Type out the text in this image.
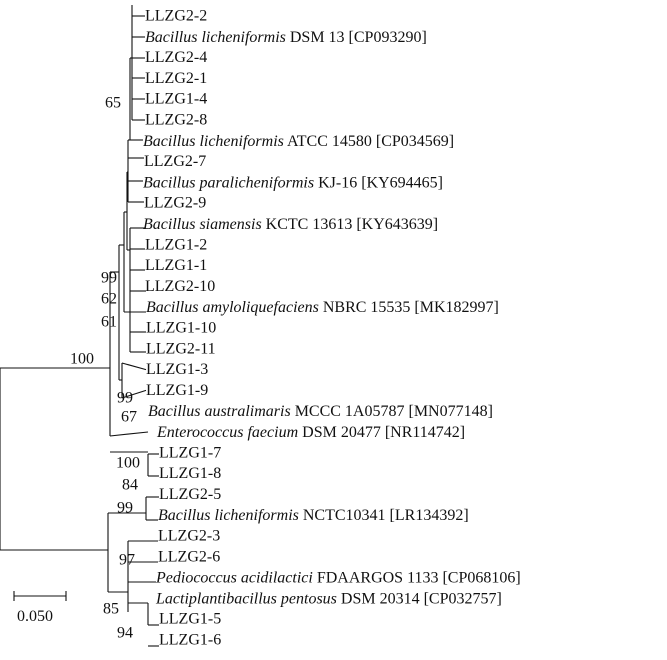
LLZG2-2
Bacillus licheniformis DSM 13 [CP093290]
LLZG2-4
LLZG2-1
LLZG1-4
LLZG2-8
Bacillus licheniformis ATCC 14580 [CP034569]
LLZG2-7
Bacillus paralicheniformis KJ-16 [KY694465]
LLZG2-9
Bacillus siamensis KCTC 13613 [KY643639]
LLZG1-2
LLZG1-1
LLZG2-10
Bacillus amyloliquefaciens NBRC 15535 [MK182997]
LLZG1-10
LLZG2-11
LLZG1-3
LLZG1-9
Bacillus australimaris MCCC 1A05787 [MN077148]
Enterococcus faecium DSM 20477 [NR114742]
LLZG1-7
LLZG1-8
LLZG2-5
Bacillus licheniformis NCTC10341 [LR134392]
LLZG2-3
LLZG2-6
Pediococcus acidilactici FDAARGOS 1133 [CP068106]
Lactiplantibacillus pentosus DSM 20314 [CP032757]
LLZG1-5
LLZG1-6
65
99
62
61
100
99
67
100
84
99
97
85
94
0.050
